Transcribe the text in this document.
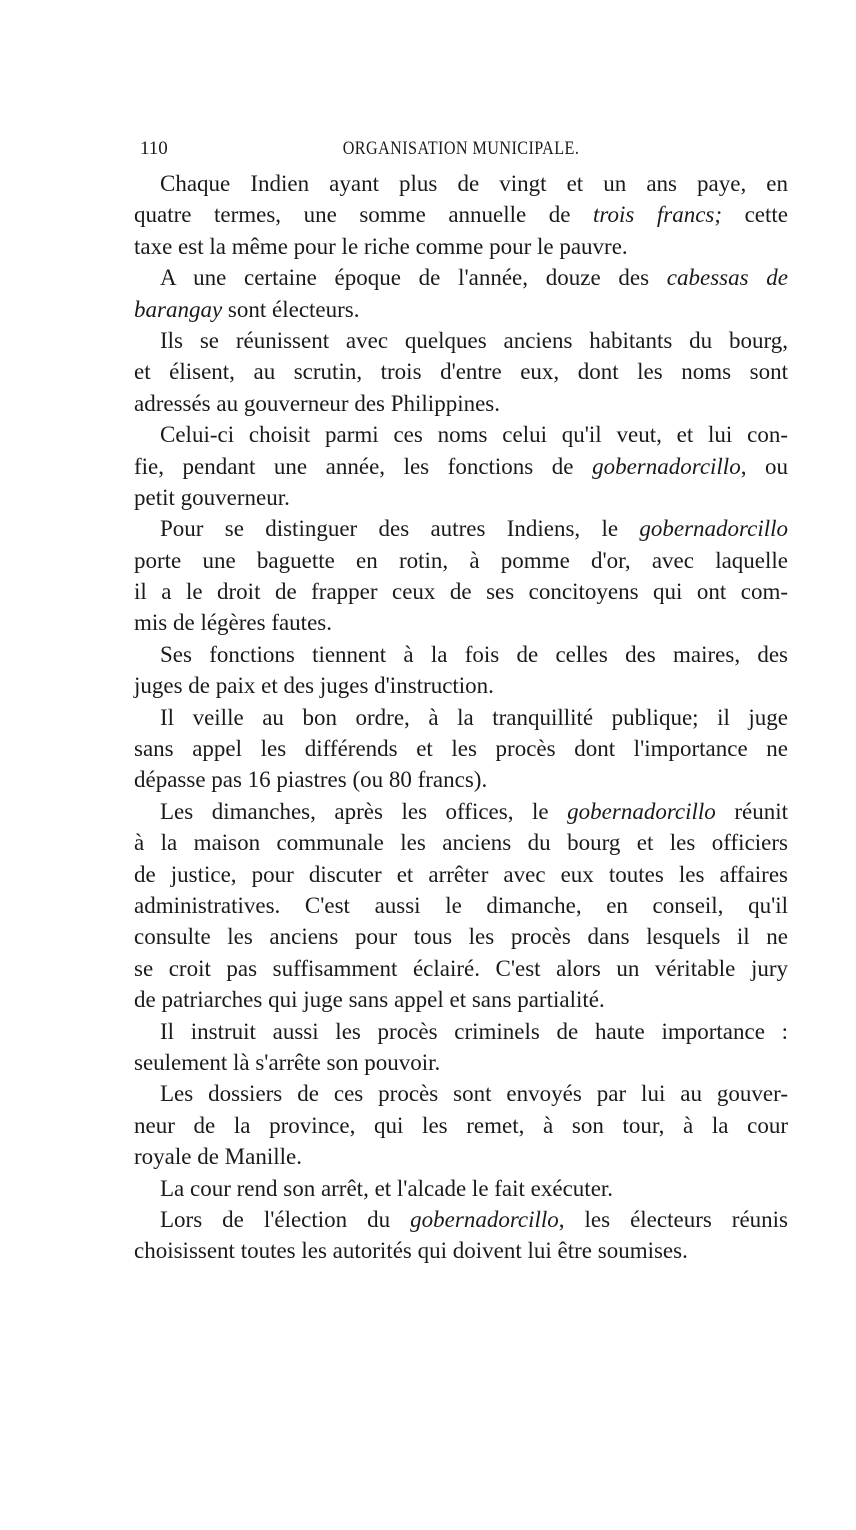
110	ORGANISATION MUNICIPALE.
Chaque Indien ayant plus de vingt et un ans paye, en
quatre termes, une somme annuelle de trois francs; cette
taxe est la même pour le riche comme pour le pauvre.
A une certaine époque de l'année, douze des cabessas de
barangay sont électeurs.
Ils se réunissent avec quelques anciens habitants du bourg,
et élisent, au scrutin, trois d'entre eux, dont les noms sont
adressés au gouverneur des Philippines.
Celui-ci choisit parmi ces noms celui qu'il veut, et lui con-
fie, pendant une année, les fonctions de gobernadorcillo, ou
petit gouverneur.
Pour se distinguer des autres Indiens, le gobernadorcillo
porte une baguette en rotin, à pomme d'or, avec laquelle
il a le droit de frapper ceux de ses concitoyens qui ont com-
mis de légères fautes.
Ses fonctions tiennent à la fois de celles des maires, des
juges de paix et des juges d'instruction.
Il veille au bon ordre, à la tranquillité publique; il juge
sans appel les différends et les procès dont l'importance ne
dépasse pas 16 piastres (ou 80 francs).
Les dimanches, après les offices, le gobernadorcillo réunit
à la maison communale les anciens du bourg et les officiers
de justice, pour discuter et arrêter avec eux toutes les affaires
administratives. C'est aussi le dimanche, en conseil, qu'il
consulte les anciens pour tous les procès dans lesquels il ne
se croit pas suffisamment éclairé. C'est alors un véritable jury
de patriarches qui juge sans appel et sans partialité.
Il instruit aussi les procès criminels de haute importance :
seulement là s'arrête son pouvoir.
Les dossiers de ces procès sont envoyés par lui au gouver-
neur de la province, qui les remet, à son tour, à la cour
royale de Manille.
La cour rend son arrêt, et l'alcade le fait exécuter.
Lors de l'élection du gobernadorcillo, les électeurs réunis
choisissent toutes les autorités qui doivent lui être soumises.
